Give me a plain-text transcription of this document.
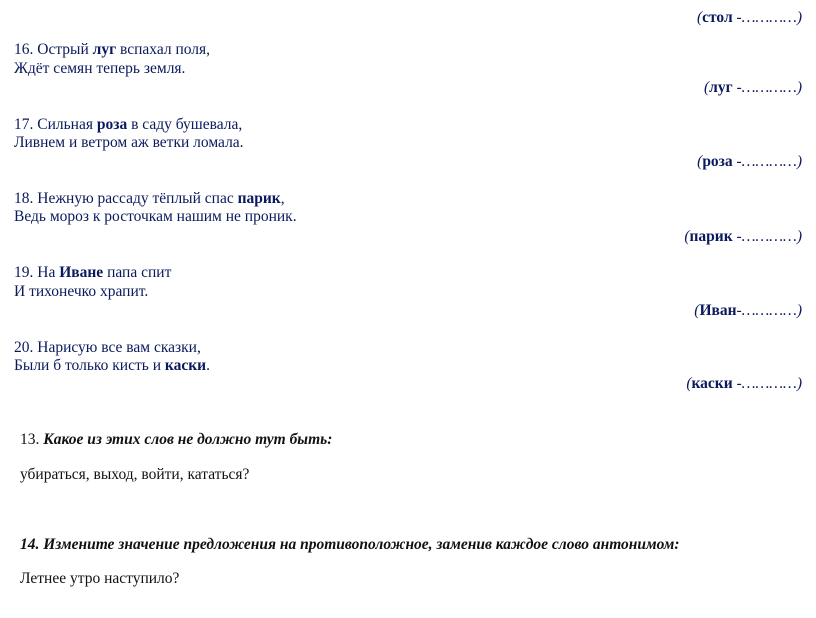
(стол -…………)
16. Острый луг вспахал поля,
Ждёт семян теперь земля.
(луг -…………)
17. Сильная роза в саду бушевала,
Ливнем и ветром аж ветки ломала.
(роза -…………)
18. Нежную рассаду тёплый спас парик,
Ведь мороз к росточкам нашим не проник.
(парик -…………)
19. На Иване папа спит
И тихонечко храпит.
(Иван-…………)
20. Нарисую все вам сказки,
Были б только кисть и каски.
(каски -…………)
13. Какое из этих слов не должно тут быть:
убираться, выход, войти, кататься?
14. Измените значение предложения на противоположное, заменив каждое слово антонимом:
Летнее утро наступило?
